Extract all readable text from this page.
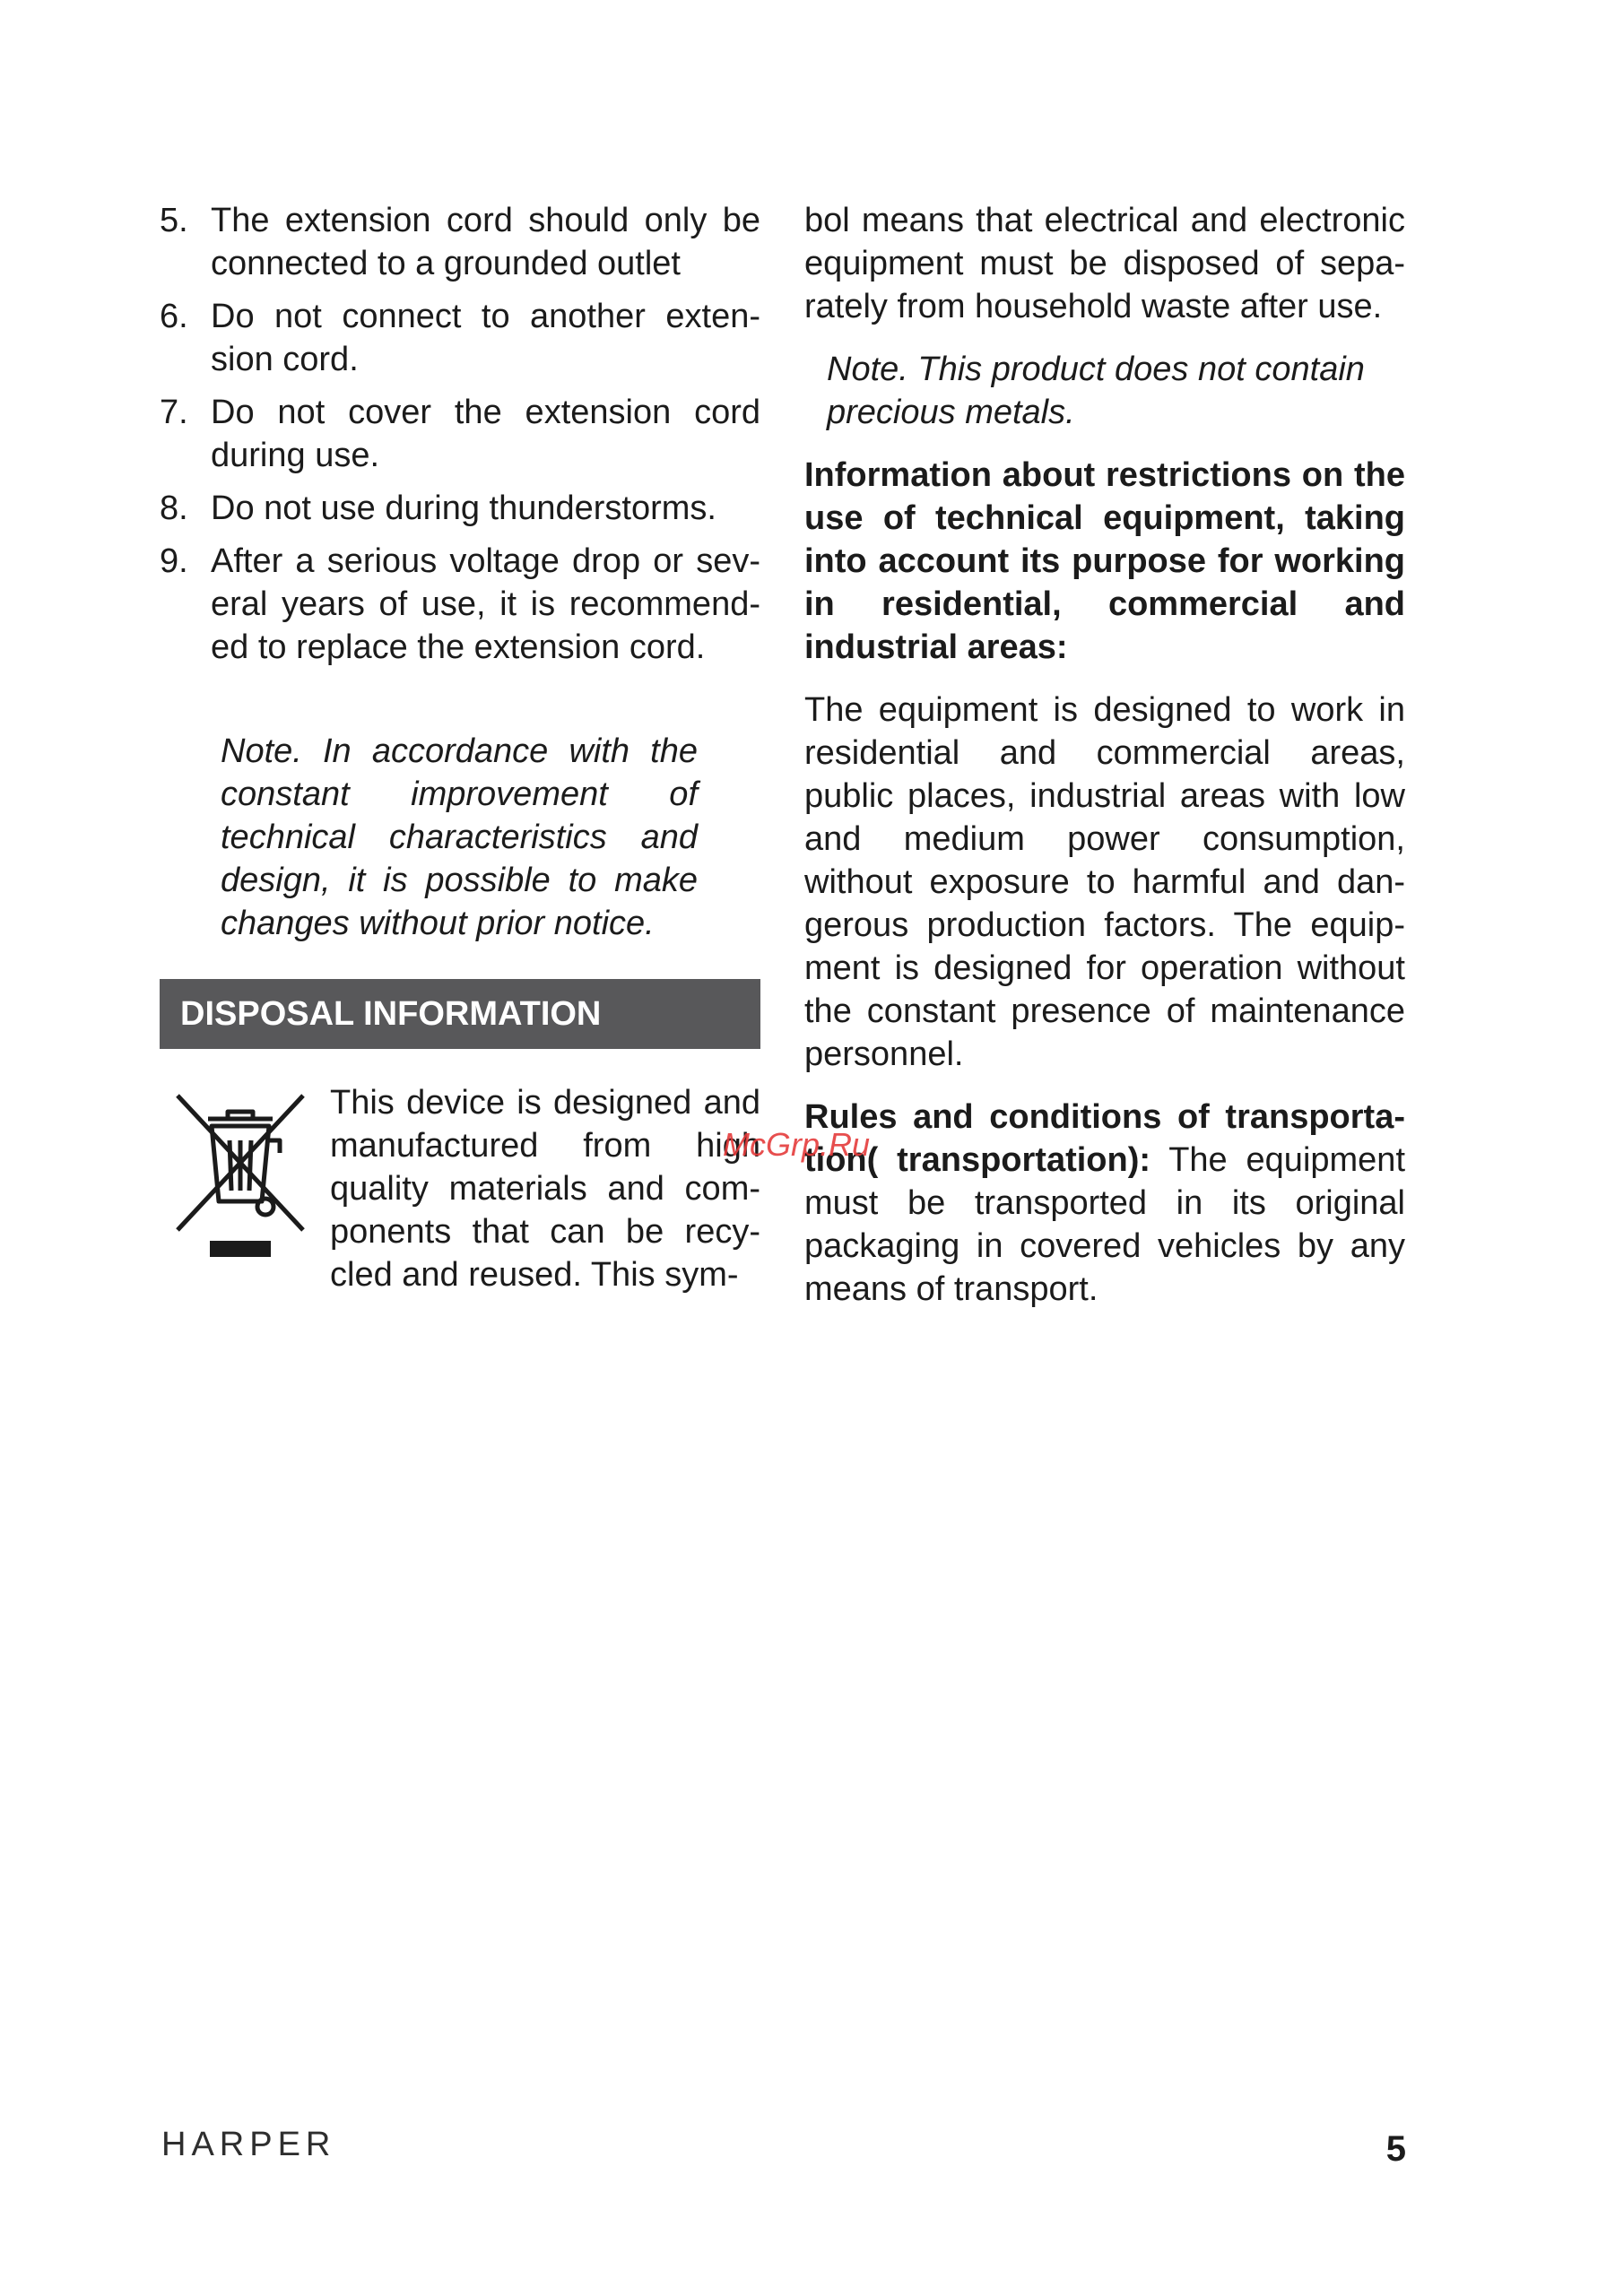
5. The extension cord should only be connected to a grounded outlet
6. Do not connect to another exten-sion cord.
7. Do not cover the extension cord during use.
8. Do not use during thunderstorms.
9. After a serious voltage drop or sev-eral years of use, it is recommend-ed to replace the extension cord.
Note. In accordance with the constant improvement of technical characteristics and design, it is possible to make changes without prior notice.
DISPOSAL INFORMATION
This device is designed and manufactured from high quality materials and com-ponents that can be recy-cled and reused. This sym-

bol means that electrical and electronic equipment must be disposed of sepa-rately from household waste after use.

Note. This product does not contain precious metals.
Information about restrictions on the use of technical equipment, taking into account its purpose for working in residential, commercial and industrial areas:
The equipment is designed to work in residential and commercial areas, public places, industrial areas with low and medium power consumption, without exposure to harmful and dan-gerous production factors. The equip-ment is designed for operation without the constant presence of maintenance personnel.
Rules and conditions of transporta-tion( transportation): The equipment must be transported in its original packaging in covered vehicles by any means of transport.
McGrp.Ru
HARPER	5
